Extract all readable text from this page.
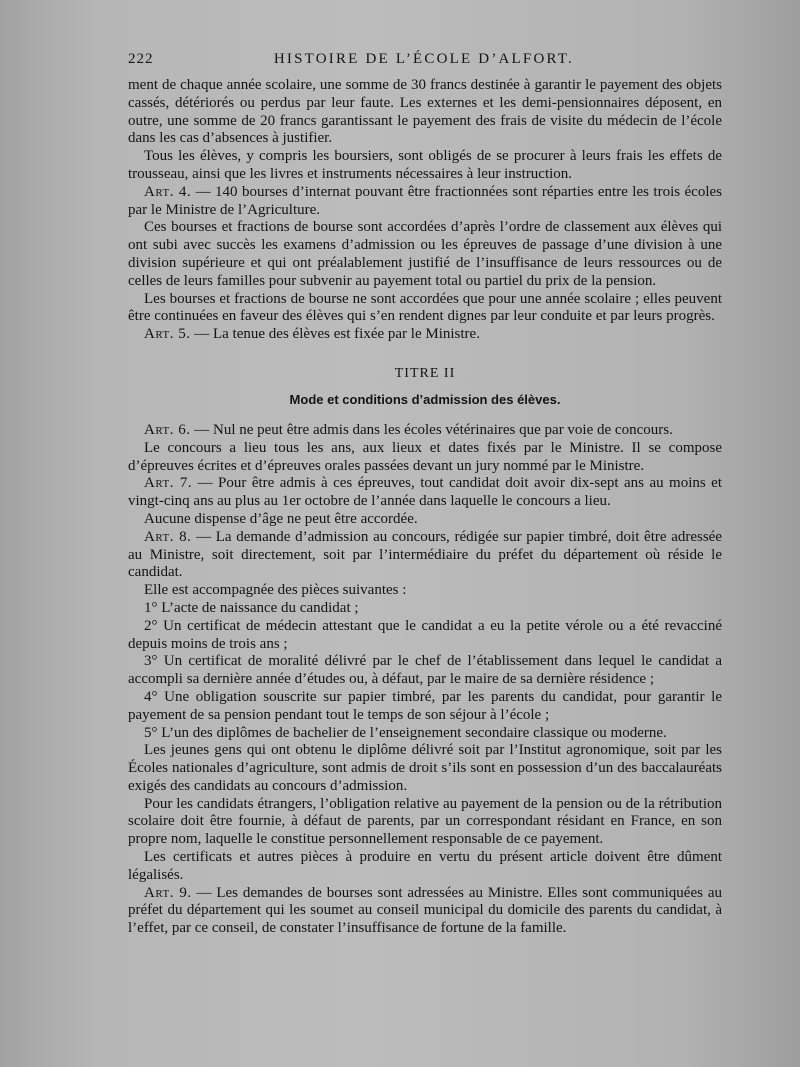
222	HISTOIRE DE L’ÉCOLE D’ALFORT.

ment de chaque année scolaire, une somme de 30 francs destinée à garantir le payement des objets cassés, détériorés ou perdus par leur faute. Les externes et les demi-pensionnaires déposent, en outre, une somme de 20 francs garantissant le payement des frais de visite du médecin de l’école dans les cas d’absences à justifier.

Tous les élèves, y compris les boursiers, sont obligés de se procurer à leurs frais les effets de trousseau, ainsi que les livres et instruments nécessaires à leur instruction.

Art. 4. — 140 bourses d’internat pouvant être fractionnées sont réparties entre les trois écoles par le Ministre de l’Agriculture.

Ces bourses et fractions de bourse sont accordées d’après l’ordre de classement aux élèves qui ont subi avec succès les examens d’admission ou les épreuves de passage d’une division à une division supérieure et qui ont préalablement justifié de l’insuffisance de leurs ressources ou de celles de leurs familles pour subvenir au payement total ou partiel du prix de la pension.

Les bourses et fractions de bourse ne sont accordées que pour une année scolaire ; elles peuvent être continuées en faveur des élèves qui s’en rendent dignes par leur conduite et par leurs progrès.

Art. 5. — La tenue des élèves est fixée par le Ministre.

TITRE II
Mode et conditions d’admission des élèves.

Art. 6. — Nul ne peut être admis dans les écoles vétérinaires que par voie de concours.

Le concours a lieu tous les ans, aux lieux et dates fixés par le Ministre. Il se compose d’épreuves écrites et d’épreuves orales passées devant un jury nommé par le Ministre.

Art. 7. — Pour être admis à ces épreuves, tout candidat doit avoir dix-sept ans au moins et vingt-cinq ans au plus au 1er octobre de l’année dans laquelle le concours a lieu.

Aucune dispense d’âge ne peut être accordée.

Art. 8. — La demande d’admission au concours, rédigée sur papier timbré, doit être adressée au Ministre, soit directement, soit par l’intermédiaire du préfet du département où réside le candidat.

Elle est accompagnée des pièces suivantes :

1° L’acte de naissance du candidat ;

2° Un certificat de médecin attestant que le candidat a eu la petite vérole ou a été revacciné depuis moins de trois ans ;

3° Un certificat de moralité délivré par le chef de l’établissement dans lequel le candidat a accompli sa dernière année d’études ou, à défaut, par le maire de sa dernière résidence ;

4° Une obligation souscrite sur papier timbré, par les parents du candidat, pour garantir le payement de sa pension pendant tout le temps de son séjour à l’école ;

5° L’un des diplômes de bachelier de l’enseignement secondaire classique ou moderne.

Les jeunes gens qui ont obtenu le diplôme délivré soit par l’Institut agronomique, soit par les Écoles nationales d’agriculture, sont admis de droit s’ils sont en possession d’un des baccalauréats exigés des candidats au concours d’admission.

Pour les candidats étrangers, l’obligation relative au payement de la pension ou de la rétribution scolaire doit être fournie, à défaut de parents, par un correspondant résidant en France, en son propre nom, laquelle le constitue personnellement responsable de ce payement.

Les certificats et autres pièces à produire en vertu du présent article doivent être dûment légalisés.

Art. 9. — Les demandes de bourses sont adressées au Ministre. Elles sont communiquées au préfet du département qui les soumet au conseil municipal du domicile des parents du candidat, à l’effet, par ce conseil, de constater l’insuffisance de fortune de la famille.
